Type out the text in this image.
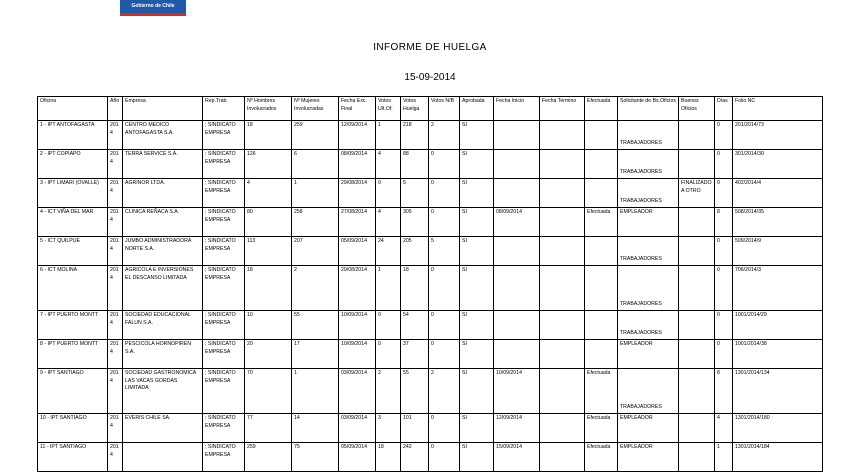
Gobierno de Chile
INFORME DE HUELGA
15-09-2014
Oficina	Año	Empresa	Rep.Trab.	Nº Hombres Involucrados	Nº Mujeres Involucradas	Fecha Exc. Final	Votos Ult.Of.	Votos Huelga	Votos N/B	Aprobada	Fecha Inicio	Fecha Termino	Efectuada	Solicitante de Bs.Oficios	Buenos Oficios	Días	Folio NC
1 - IPT ANTOFAGASTA	2014	CENTRO MEDICO ANTOFAGASTA S.A.	; SINDICATO EMPRESA	18	259	12/09/2014	1	218	2	SI				TRABAJADORES		0	201/2014/73
2 - IPT COPIAPO	2014	TERRA SERVICE S.A.	; SINDICATO EMPRESA	126	6	08/09/2014	4	88	0	SI				TRABAJADORES		0	301/2014/30
3 - IPT LIMARI (OVALLE)	2014	AGRINOR LTDA.	; SINDICATO EMPRESA	4	1	29/08/2014	0	5	0	SI				TRABAJADORES	FINALIZADO A OTRO	0	402/2014/4
4 - ICT VIÑA DEL MAR	2014	CLINICA REÑACA S.A.	; SINDICATO EMPRESA	80	258	27/08/2014	4	305	0	SI	08/09/2014		Efectuada	EMPLEADOR		8	508/2014/35
5 - ICT QUILPUE	2014	JUMBO ADMINISTRADORA NORTE S.A.	; SINDICATO EMPRESA	113	207	05/09/2014	24	205	5	SI				TRABAJADORES		0	509/2014/9
6 - ICT MOLINA	2014	AGRICOLA E INVERSIONES EL DESCANSO LIMITADA	; SINDICATO EMPRESA	18	2	29/08/2014	1	18	0	SI				TRABAJADORES		0	706/2014/3
7 - IPT PUERTO MONTT	2014	SOCIEDAD EDUCACIONAL FALUN S.A.	; SINDICATO EMPRESA	10	55	10/09/2014	0	54	0	SI				TRABAJADORES		0	1001/2014/29
8 - IPT PUERTO MONTT	2014	PESCICOLA HORNOPIREN S.A.	; SINDICATO EMPRESA	20	17	10/09/2014	0	37	0	SI				EMPLEADOR		0	1001/2014/38
9 - IPT SANTIAGO	2014	SOCIEDAD GASTRONOMICA LAS VACAS GORDAS LIMITADA	; SINDICATO EMPRESA	70	1	03/09/2014	2	55	2	SI	10/09/2014		Efectuada	TRABAJADORES		8	1301/2014/134
10 - IPT SANTIAGO	2014	EVERIS CHILE SA.	; SINDICATO EMPRESA	77	14	03/09/2014	3	101	0	SI	12/09/2014		Efectuada	EMPLEADOR		4	1301/2014/180
11 - IPT SANTIAGO	2014		; SINDICATO EMPRESA	259	75	05/09/2014	18	242	0	SI	15/09/2014		Efectuada	EMPLEADOR		1	1301/2014/184
